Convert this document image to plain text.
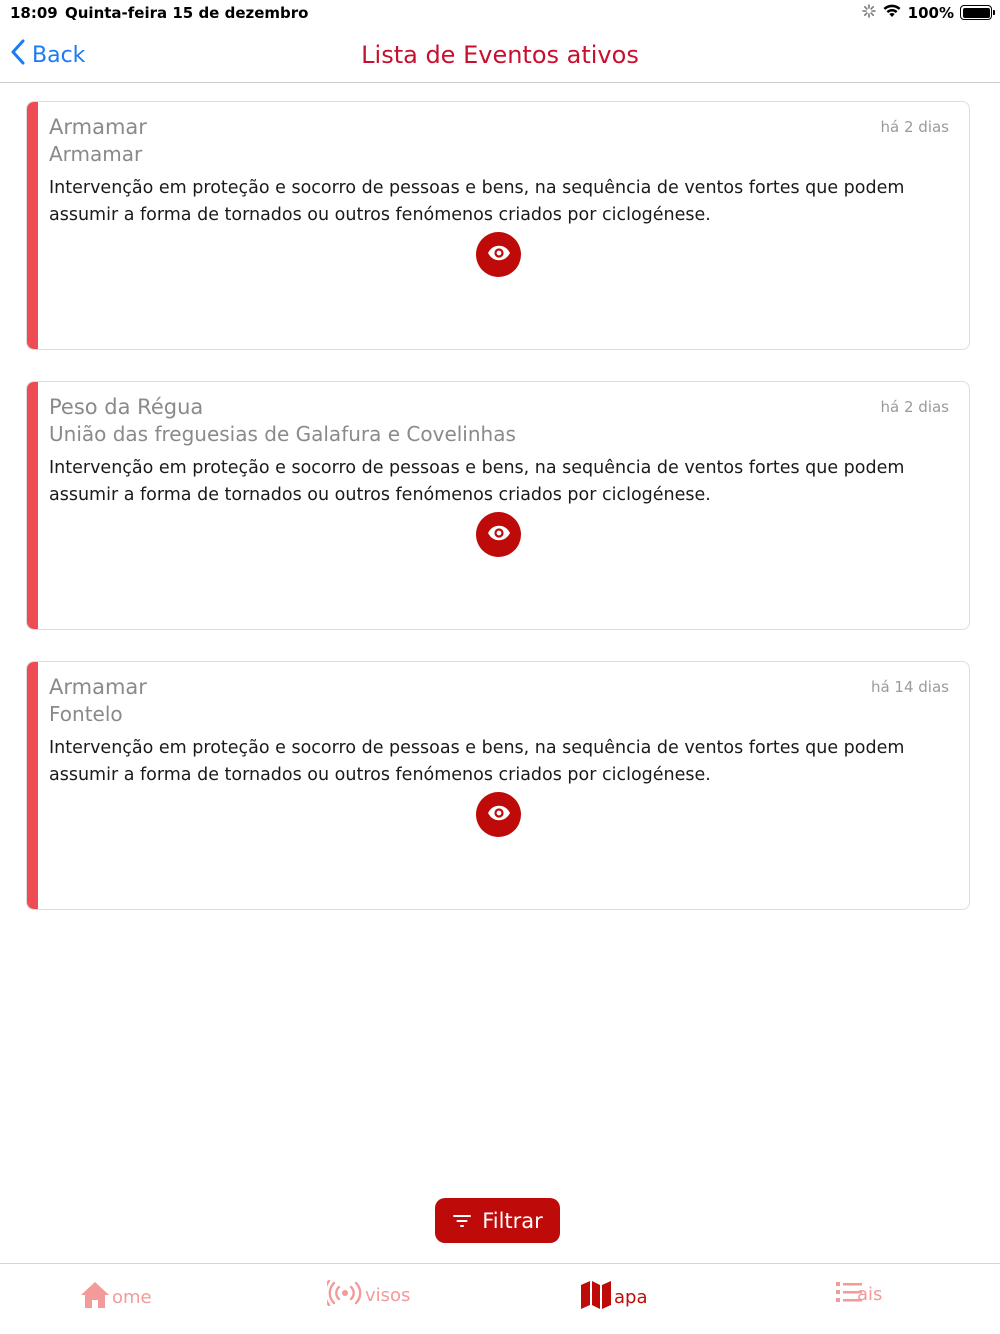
18:09 Quinta-feira 15 de dezembro	100%
Back	Lista de Eventos ativos
Armamar
Armamar
há 2 dias
Intervenção em proteção e socorro de pessoas e bens, na sequência de ventos fortes que podem assumir a forma de tornados ou outros fenómenos criados por ciclogénese.
Peso da Régua
União das freguesias de Galafura e Covelinhas
há 2 dias
Intervenção em proteção e socorro de pessoas e bens, na sequência de ventos fortes que podem assumir a forma de tornados ou outros fenómenos criados por ciclogénese.
Armamar
Fontelo
há 14 dias
Intervenção em proteção e socorro de pessoas e bens, na sequência de ventos fortes que podem assumir a forma de tornados ou outros fenómenos criados por ciclogénese.
Filtrar
ome	visos	apa	ais
